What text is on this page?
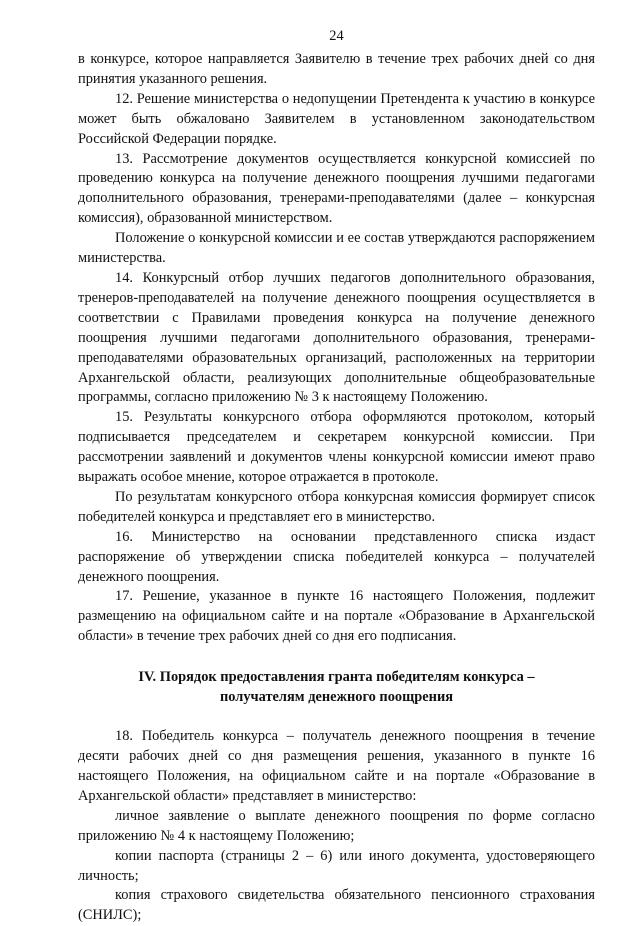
24

в конкурсе, которое направляется Заявителю в течение трех рабочих дней со дня принятия указанного решения.

12. Решение министерства о недопущении Претендента к участию в конкурсе может быть обжаловано Заявителем в установленном законодательством Российской Федерации порядке.

13. Рассмотрение документов осуществляется конкурсной комиссией по проведению конкурса на получение денежного поощрения лучшими педагогами дополнительного образования, тренерами-преподавателями (далее – конкурсная комиссия), образованной министерством.

Положение о конкурсной комиссии и ее состав утверждаются распоряжением министерства.

14. Конкурсный отбор лучших педагогов дополнительного образования, тренеров-преподавателей на получение денежного поощрения осуществляется в соответствии с Правилами проведения конкурса на получение денежного поощрения лучшими педагогами дополнительного образования, тренерами-преподавателями образовательных организаций, расположенных на территории Архангельской области, реализующих дополнительные общеобразовательные программы, согласно приложению № 3 к настоящему Положению.

15. Результаты конкурсного отбора оформляются протоколом, который подписывается председателем и секретарем конкурсной комиссии. При рассмотрении заявлений и документов члены конкурсной комиссии имеют право выражать особое мнение, которое отражается в протоколе.

По результатам конкурсного отбора конкурсная комиссия формирует список победителей конкурса и представляет его в министерство.

16. Министерство на основании представленного списка издаст распоряжение об утверждении списка победителей конкурса – получателей денежного поощрения.

17. Решение, указанное в пункте 16 настоящего Положения, подлежит размещению на официальном сайте и на портале «Образование в Архангельской области» в течение трех рабочих дней со дня его подписания.

IV. Порядок предоставления гранта победителям конкурса –
получателям денежного поощрения

18. Победитель конкурса – получатель денежного поощрения в течение десяти рабочих дней со дня размещения решения, указанного в пункте 16 настоящего Положения, на официальном сайте и на портале «Образование в Архангельской области» представляет в министерство:

личное заявление о выплате денежного поощрения по форме согласно приложению № 4 к настоящему Положению;

копии паспорта (страницы 2 – 6) или иного документа, удостоверяющего личность;

копия страхового свидетельства обязательного пенсионного страхования (СНИЛС);
